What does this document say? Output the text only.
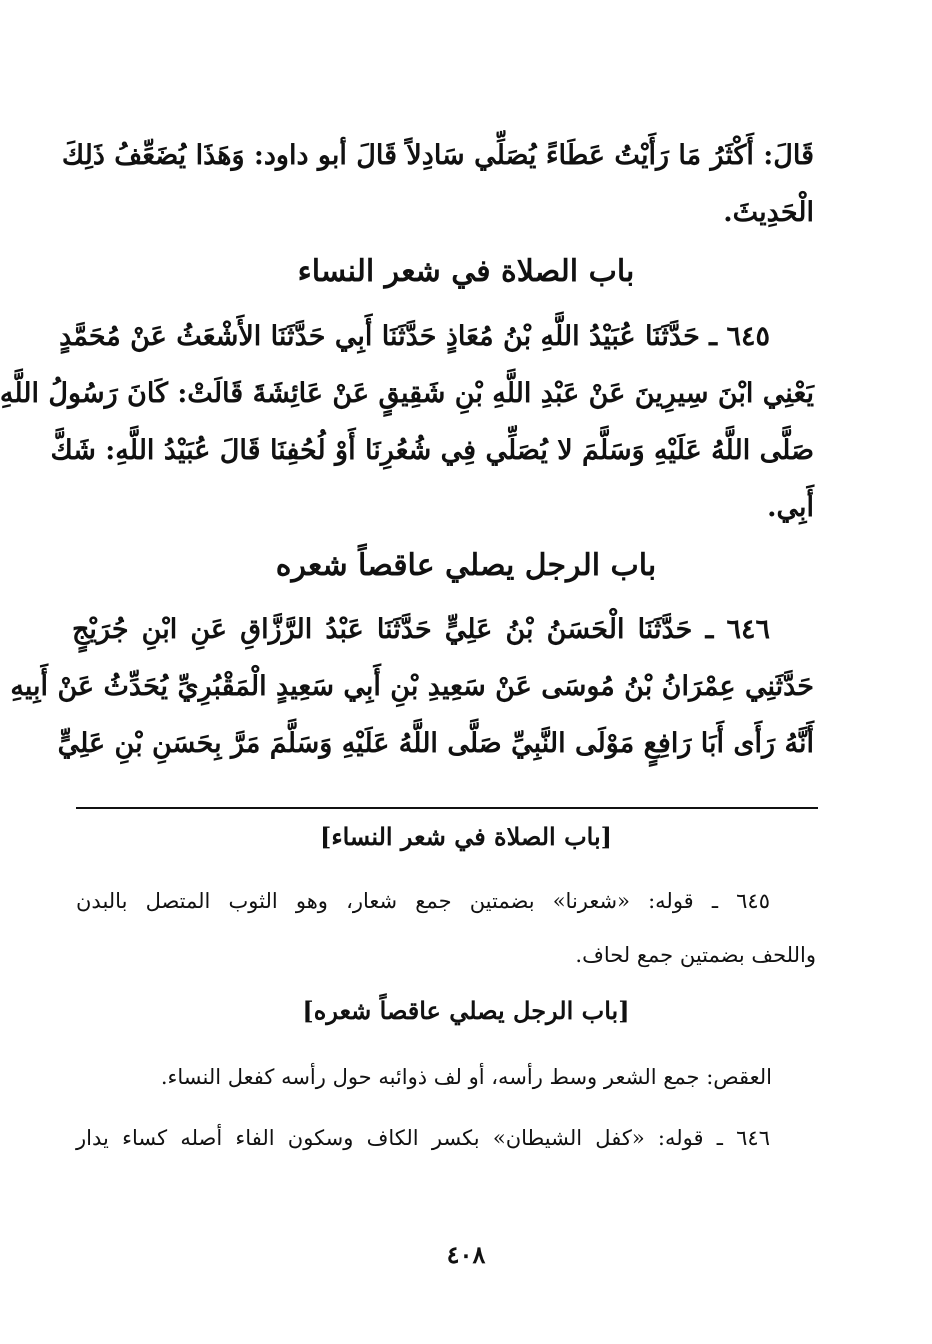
قَالَ: أَكْثَرُ مَا رَأَيْتُ عَطَاءً يُصَلِّي سَادِلاً قَالَ أبو داود: وَهَذَا يُضَعِّفُ ذَلِكَ
الْحَدِيثَ.
باب الصلاة في شعر النساء
٦٤٥ ـ حَدَّثَنَا عُبَيْدُ اللَّهِ بْنُ مُعَاذٍ حَدَّثَنَا أَبِي حَدَّثَنَا الأَشْعَثُ عَنْ مُحَمَّدٍ
يَعْنِي ابْنَ سِيرِينَ عَنْ عَبْدِ اللَّهِ بْنِ شَقِيقٍ عَنْ عَائِشَةَ قَالَتْ: كَانَ رَسُولُ اللَّهِ
صَلَّى اللَّهُ عَلَيْهِ وَسَلَّمَ لا يُصَلِّي فِي شُعُرِنَا أَوْ لُحُفِنَا قَالَ عُبَيْدُ اللَّهِ: شَكَّ
أَبِي.
باب الرجل يصلي عاقصاً شعره
٦٤٦ ـ حَدَّثَنَا الْحَسَنُ بْنُ عَلِيٍّ حَدَّثَنَا عَبْدُ الرَّزَّاقِ عَنِ ابْنِ جُرَيْجٍ
حَدَّثَنِي عِمْرَانُ بْنُ مُوسَى عَنْ سَعِيدِ بْنِ أَبِي سَعِيدٍ الْمَقْبُرِيِّ يُحَدِّثُ عَنْ أَبِيهِ
أَنَّهُ رَأَى أَبَا رَافِعٍ مَوْلَى النَّبِيِّ صَلَّى اللَّهُ عَلَيْهِ وَسَلَّمَ مَرَّ بِحَسَنِ بْنِ عَلِيٍّ
[باب الصلاة في شعر النساء]
٦٤٥ ـ قوله: «شعرنا» بضمتين جمع شعار، وهو الثوب المتصل بالبدن
واللحف بضمتين جمع لحاف.
[باب الرجل يصلي عاقصاً شعره]
العقص: جمع الشعر وسط رأسه، أو لف ذوائبه حول رأسه كفعل النساء.
٦٤٦ ـ قوله: «كفل الشيطان» بكسر الكاف وسكون الفاء أصله كساء يدار
٤٠٨
